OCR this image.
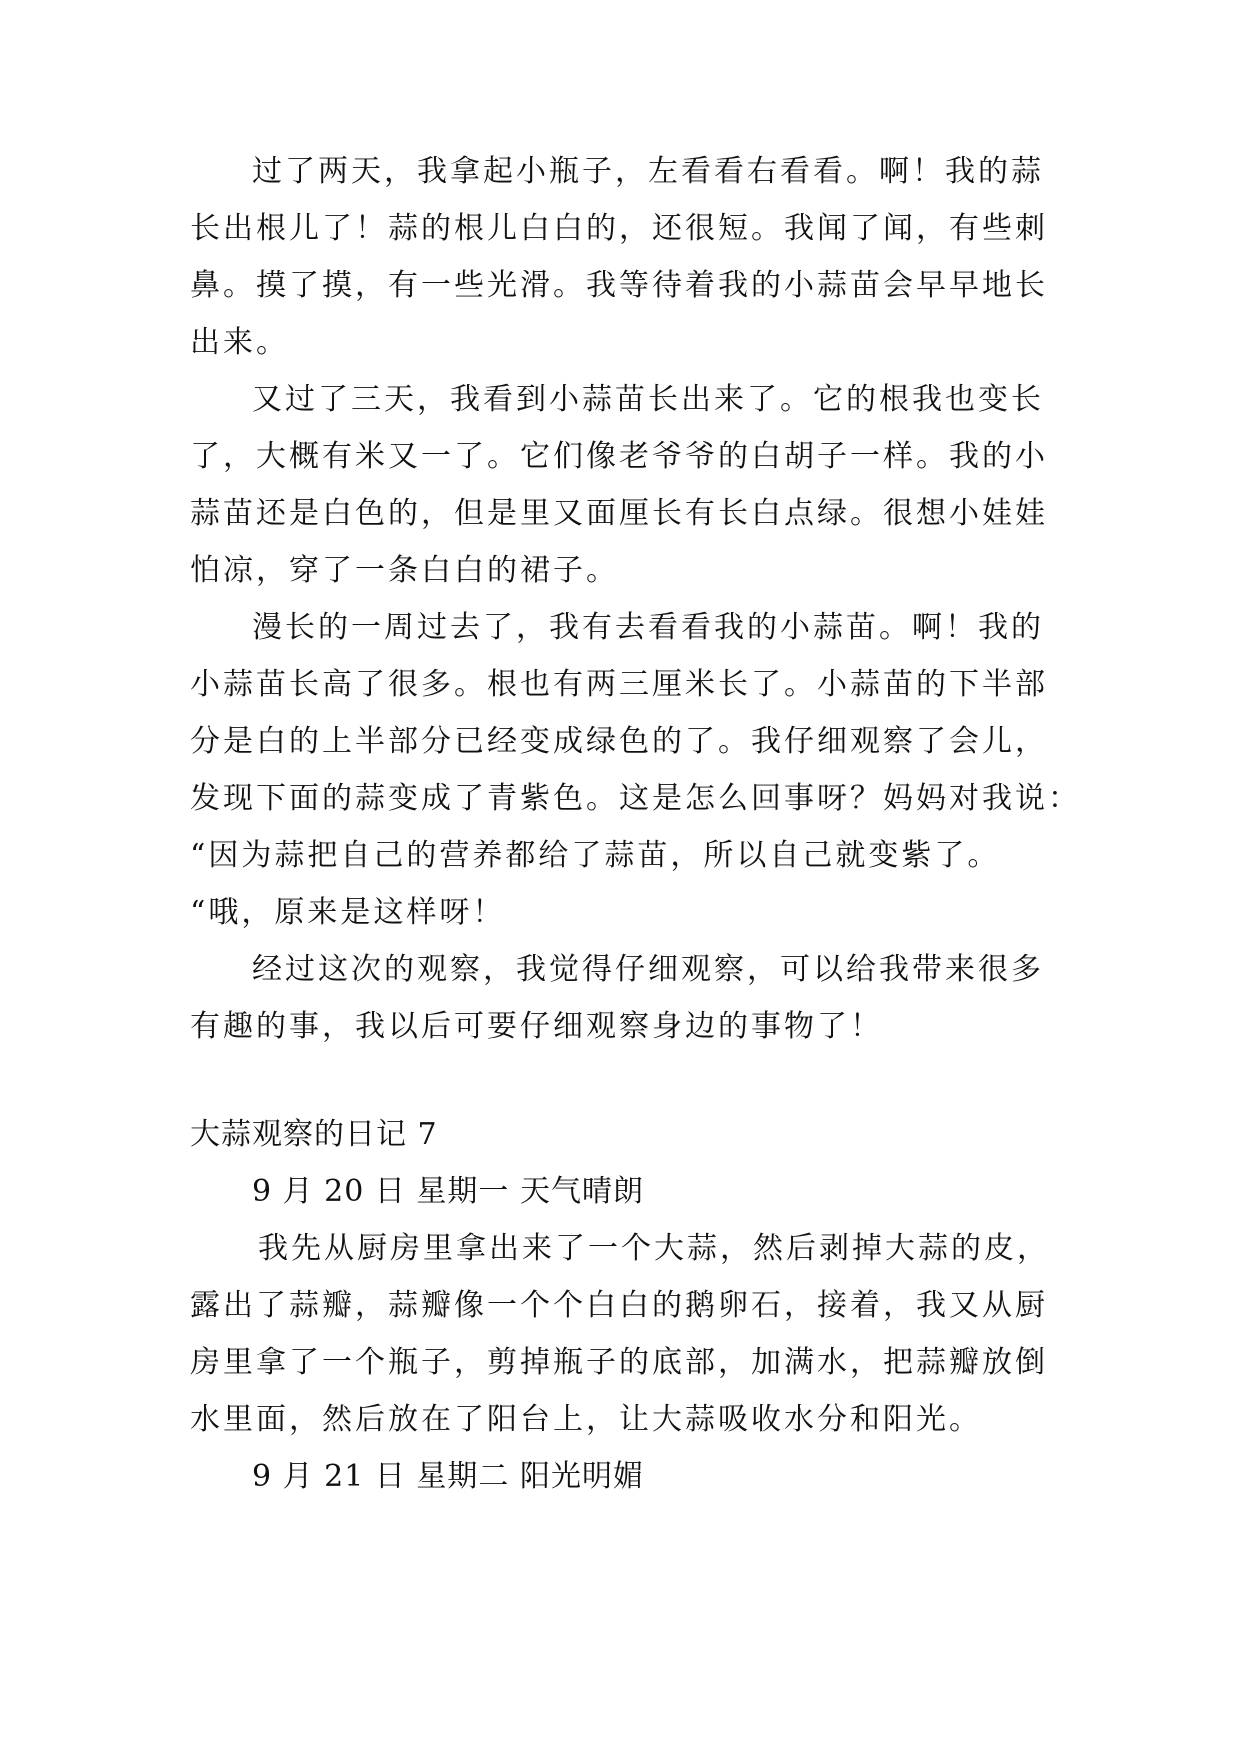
过了两天，我拿起小瓶子，左看看右看看。啊！我的蒜
长出根儿了！蒜的根儿白白的，还很短。我闻了闻，有些刺
鼻。摸了摸，有一些光滑。我等待着我的小蒜苗会早早地长
出来。
又过了三天，我看到小蒜苗长出来了。它的根我也变长
了，大概有米又一了。它们像老爷爷的白胡子一样。我的小
蒜苗还是白色的，但是里又面厘长有长白点绿。很想小娃娃
怕凉，穿了一条白白的裙子。
漫长的一周过去了，我有去看看我的小蒜苗。啊！我的
小蒜苗长高了很多。根也有两三厘米长了。小蒜苗的下半部
分是白的上半部分已经变成绿色的了。我仔细观察了会儿，
发现下面的蒜变成了青紫色。这是怎么回事呀？妈妈对我说：
“因为蒜把自己的营养都给了蒜苗，所以自己就变紫了。
“哦，原来是这样呀！
经过这次的观察，我觉得仔细观察，可以给我带来很多
有趣的事，我以后可要仔细观察身边的事物了！
大蒜观察的日记 7
9 月 20 日 星期一 天气晴朗
我先从厨房里拿出来了一个大蒜，然后剥掉大蒜的皮，
露出了蒜瓣，蒜瓣像一个个白白的鹅卵石，接着，我又从厨
房里拿了一个瓶子，剪掉瓶子的底部，加满水，把蒜瓣放倒
水里面，然后放在了阳台上，让大蒜吸收水分和阳光。
9 月 21 日 星期二 阳光明媚
